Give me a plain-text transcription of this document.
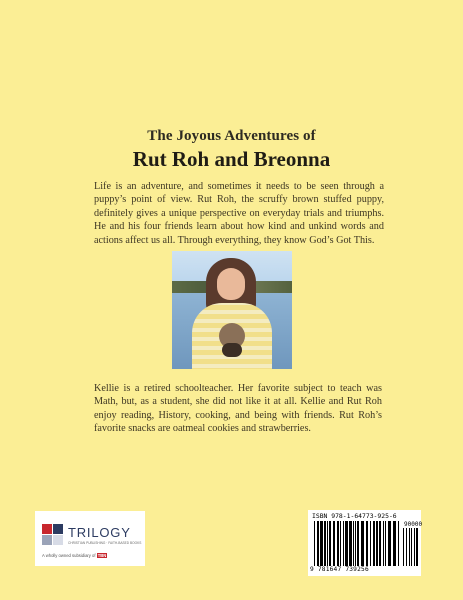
The Joyous Adventures of
Rut Roh and Breonna
Life is an adventure, and sometimes it needs to be seen through a puppy’s point of view. Rut Roh, the scruffy brown stuffed puppy, definitely gives a unique perspective on everyday trials and triumphs. He and his four friends learn about how kind and unkind words and actions affect us all. Through everything, they know God’s Got This.
Kellie is a retired schoolteacher. Her favorite subject to teach was Math, but, as a student, she did not like it at all. Kellie and Rut Roh enjoy reading, History, cooking, and being with friends. Rut Roh’s favorite snacks are oatmeal cookies and strawberries.
TRILOGY
CHRISTIAN PUBLISHING · FAITH-BASED BOOKS
A wholly owned subsidiary of TBN
ISBN 978-1-64773-925-6
90000
9 781647 739256
